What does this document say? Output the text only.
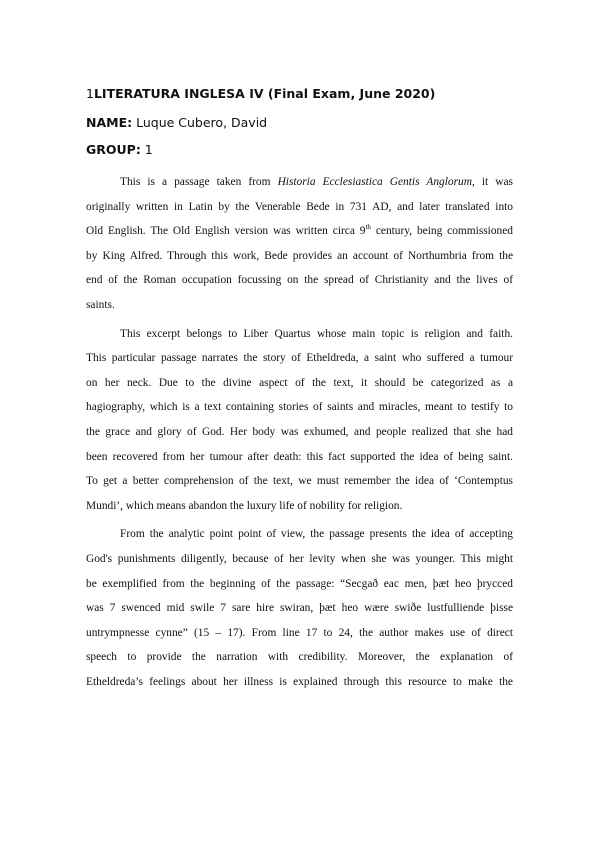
1LITERATURA INGLESA IV (Final Exam, June 2020)
NAME: Luque Cubero, David
GROUP: 1
This is a passage taken from Historia Ecclesiastica Gentis Anglorum, it was
originally written in Latin by the Venerable Bede in 731 AD, and later translated into
Old English. The Old English version was written circa 9th century, being commissioned
by King Alfred. Through this work, Bede provides an account of Northumbria from the
end of the Roman occupation focussing on the spread of Christianity and the lives of
saints.
This excerpt belongs to Liber Quartus whose main topic is religion and faith.
This particular passage narrates the story of Etheldreda, a saint who suffered a tumour
on her neck. Due to the divine aspect of the text, it should be categorized as a
hagiography, which is a text containing stories of saints and miracles, meant to testify to
the grace and glory of God. Her body was exhumed, and people realized that she had
been recovered from her tumour after death: this fact supported the idea of being saint.
To get a better comprehension of the text, we must remember the idea of ‘Contemptus
Mundi’, which means abandon the luxury life of nobility for religion.
From the analytic point point of view, the passage presents the idea of accepting
God's punishments diligently, because of her levity when she was younger. This might
be exemplified from the beginning of the passage: “Secgað eac men, þæt heo þrycced
was 7 swenced mid swile 7 sare hire swiran, þæt heo wære swiðe lustfulliende þisse
untrympnesse cynne” (15 – 17). From line 17 to 24, the author makes use of direct
speech to provide the narration with credibility. Moreover, the explanation of
Etheldreda’s feelings about her illness is explained through this resource to make the
